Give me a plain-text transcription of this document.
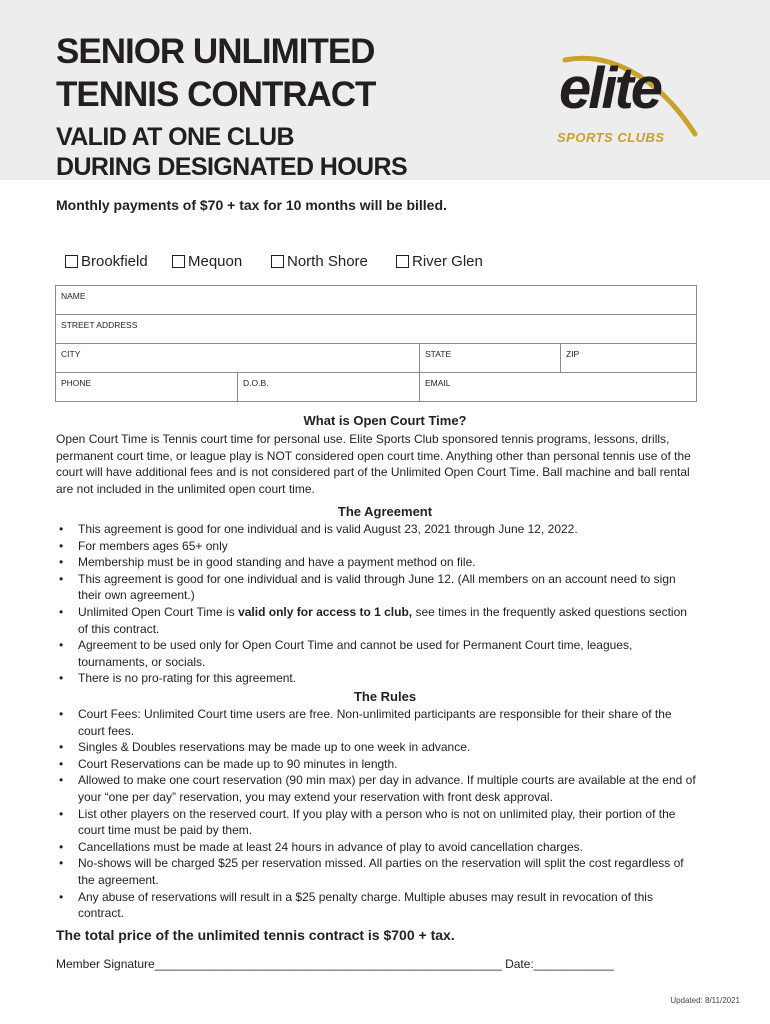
SENIOR UNLIMITED
TENNIS CONTRACT
VALID AT ONE CLUB
DURING DESIGNATED HOURS
elite
SPORTS CLUBS
Monthly payments of $70 + tax for 10 months will be billed.
Brookfield	Mequon	North Shore	River Glen
NAME
STREET ADDRESS
CITY	STATE	ZIP
PHONE	D.O.B.	EMAIL
What is Open Court Time?
Open Court Time is Tennis court time for personal use. Elite Sports Club sponsored tennis programs, lessons, drills, permanent court time, or league play is NOT considered open court time. Anything other than personal tennis use of the court will have additional fees and is not considered part of the Unlimited Open Court Time. Ball machine and ball rental are not included in the unlimited open court time.
The Agreement
• This agreement is good for one individual and is valid August 23, 2021 through June 12, 2022.
• For members ages 65+ only
• Membership must be in good standing and have a payment method on file.
• This agreement is good for one individual and is valid through June 12. (All members on an account need to sign their own agreement.)
• Unlimited Open Court Time is valid only for access to 1 club, see times in the frequently asked questions section of this contract.
• Agreement to be used only for Open Court Time and cannot be used for Permanent Court time, leagues, tournaments, or socials.
• There is no pro-rating for this agreement.
The Rules
• Court Fees: Unlimited Court time users are free. Non-unlimited participants are responsible for their share of the court fees.
• Singles & Doubles reservations may be made up to one week in advance.
• Court Reservations can be made up to 90 minutes in length.
• Allowed to make one court reservation (90 min max) per day in advance. If multiple courts are available at the end of your “one per day” reservation, you may extend your reservation with front desk approval.
• List other players on the reserved court. If you play with a person who is not on unlimited play, their portion of the court time must be paid by them.
• Cancellations must be made at least 24 hours in advance of play to avoid cancellation charges.
• No-shows will be charged $25 per reservation missed. All parties on the reservation will split the cost regardless of the agreement.
• Any abuse of reservations will result in a $25 penalty charge. Multiple abuses may result in revocation of this contract.
The total price of the unlimited tennis contract is $700 + tax.
Member Signature____________________________________________________ Date:____________
Updated: 8/11/2021
